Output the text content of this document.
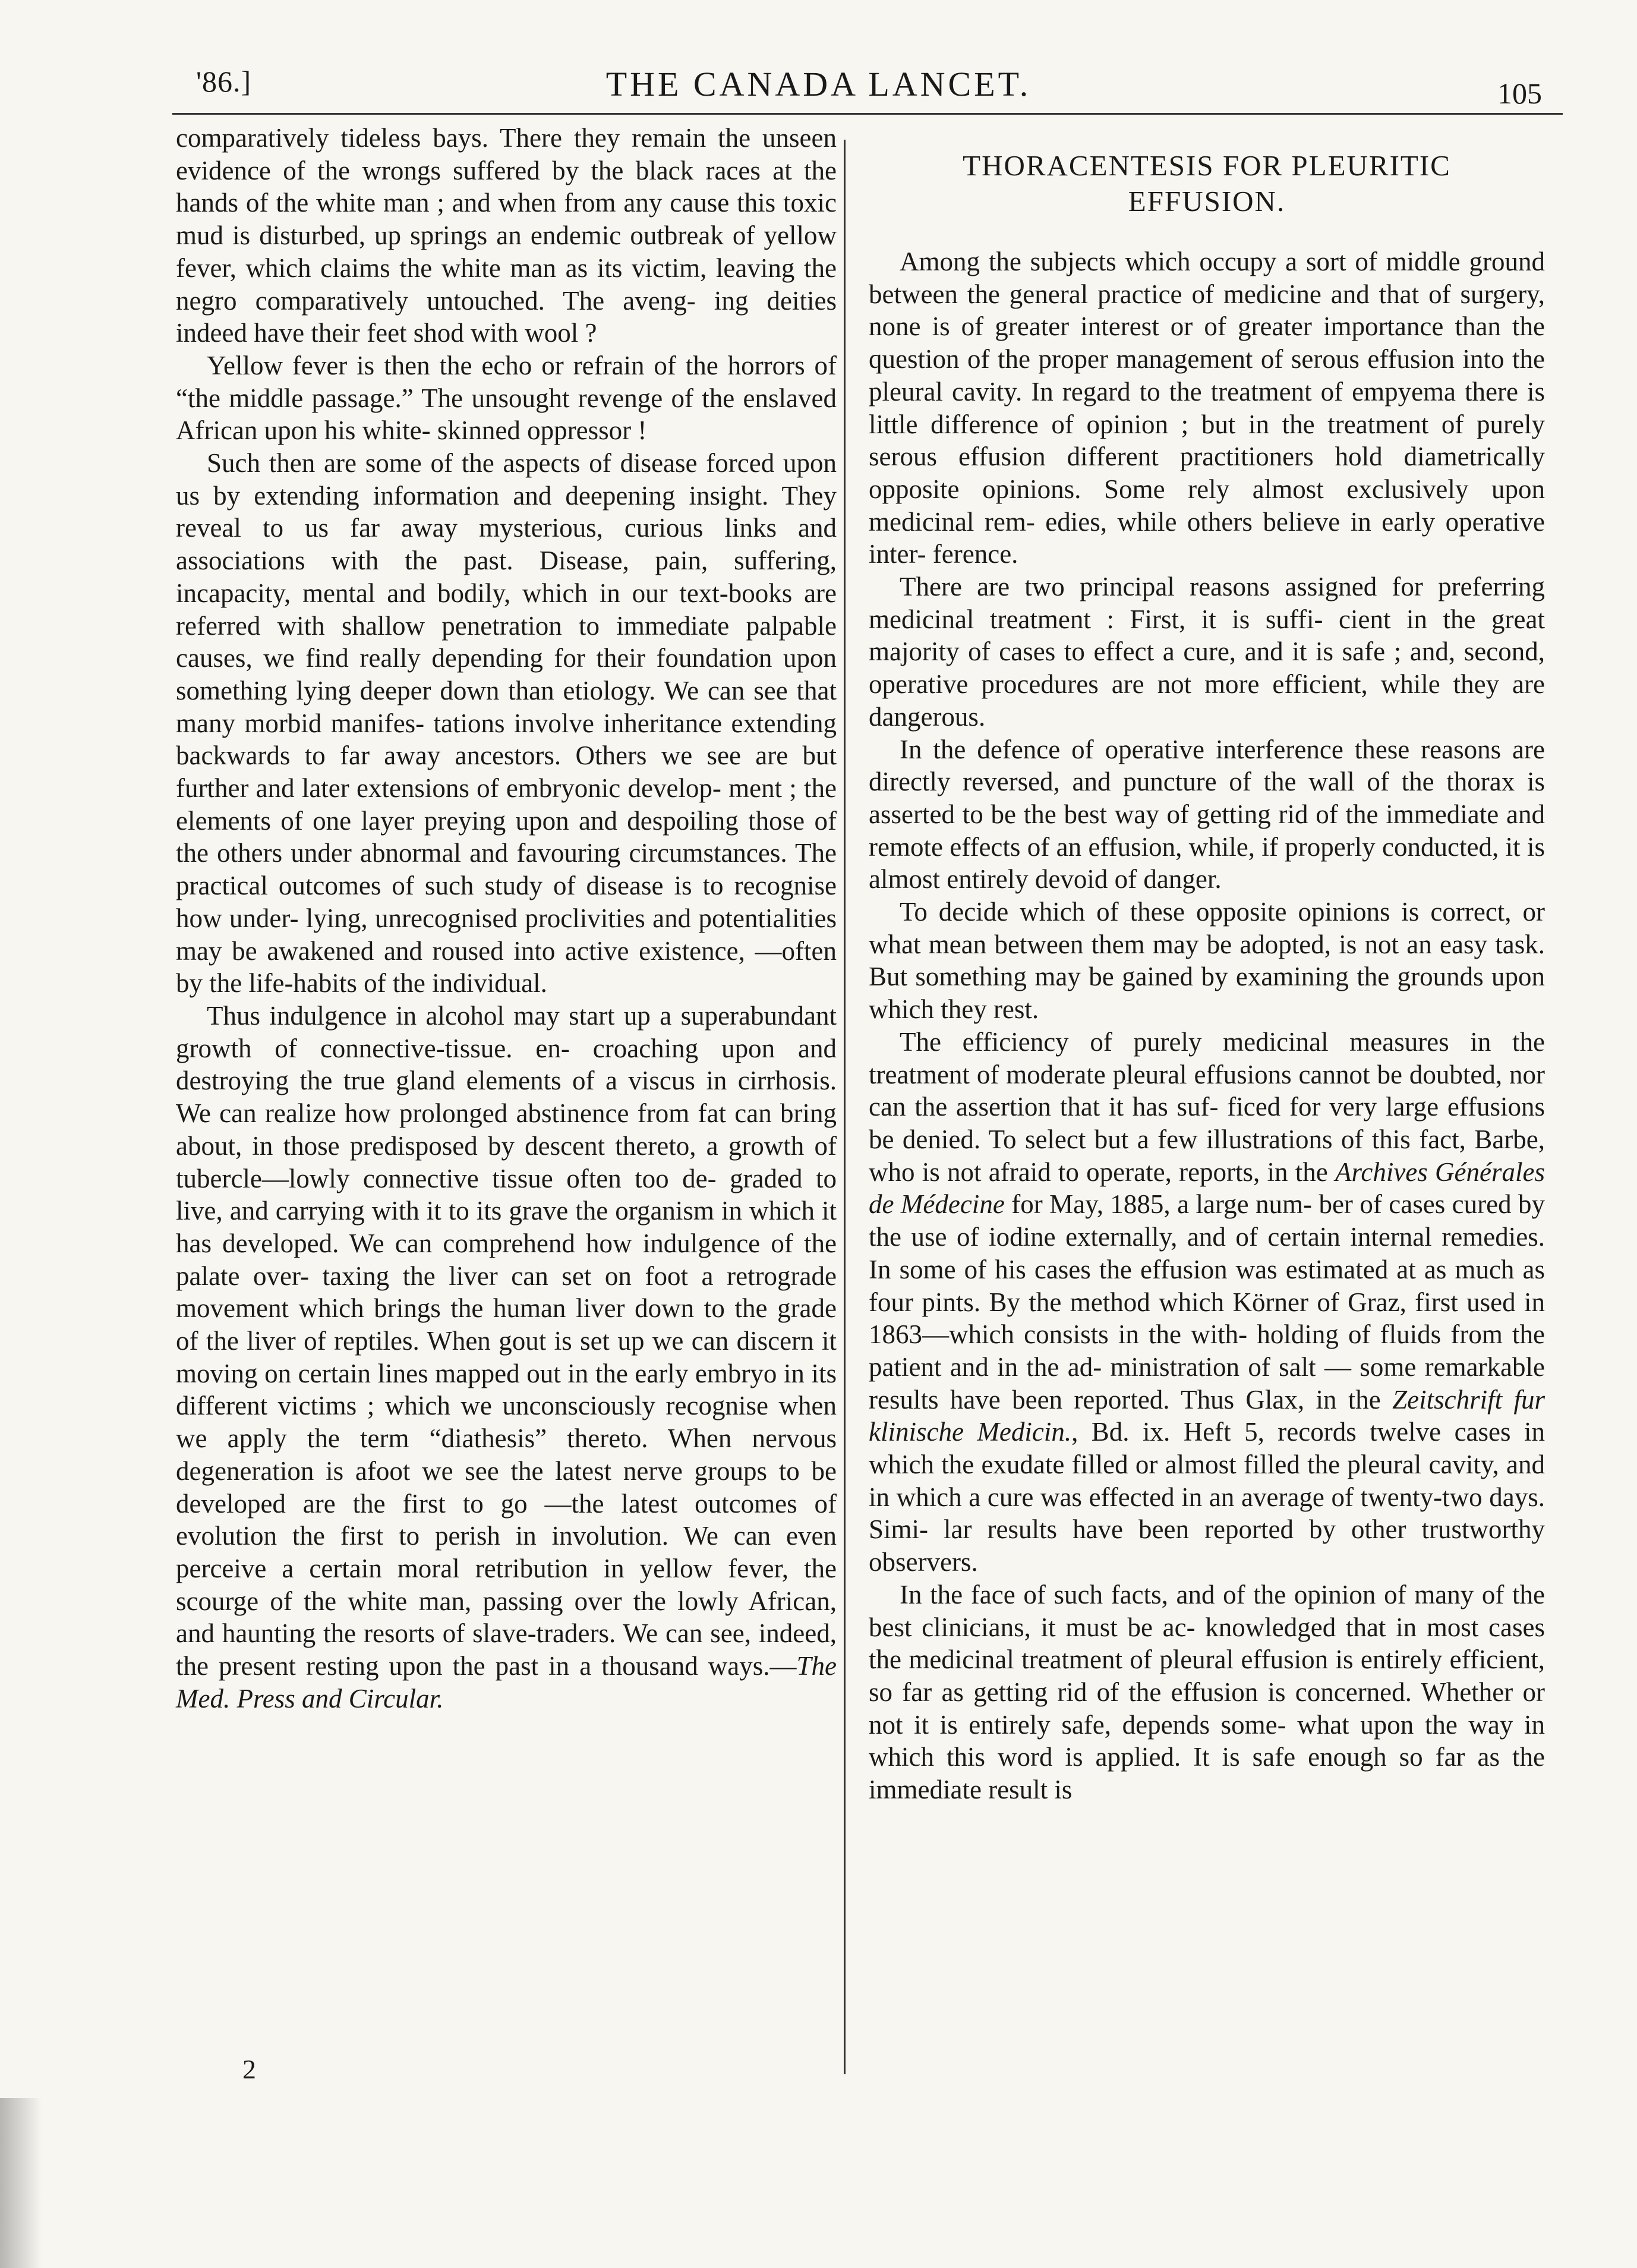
'86.]	THE CANADA LANCET.	105

comparatively tideless bays. There they remain the unseen evidence of the wrongs suffered by the black races at the hands of the white man ; and when from any cause this toxic mud is disturbed, up springs an endemic outbreak of yellow fever, which claims the white man as its victim, leaving the negro comparatively untouched. The aveng- ing deities indeed have their feet shod with wool ?

Yellow fever is then the echo or refrain of the horrors of “the middle passage.” The unsought revenge of the enslaved African upon his white- skinned oppressor !

Such then are some of the aspects of disease forced upon us by extending information and deepening insight. They reveal to us far away mysterious, curious links and associations with the past. Disease, pain, suffering, incapacity, mental and bodily, which in our text-books are referred with shallow penetration to immediate palpable causes, we find really depending for their foundation upon something lying deeper down than etiology. We can see that many morbid manifes- tations involve inheritance extending backwards to far away ancestors. Others we see are but further and later extensions of embryonic develop- ment ; the elements of one layer preying upon and despoiling those of the others under abnormal and favouring circumstances. The practical outcomes of such study of disease is to recognise how under- lying, unrecognised proclivities and potentialities may be awakened and roused into active existence, —often by the life-habits of the individual.

Thus indulgence in alcohol may start up a superabundant growth of connective-tissue. en- croaching upon and destroying the true gland elements of a viscus in cirrhosis. We can realize how prolonged abstinence from fat can bring about, in those predisposed by descent thereto, a growth of tubercle—lowly connective tissue often too de- graded to live, and carrying with it to its grave the organism in which it has developed. We can comprehend how indulgence of the palate over- taxing the liver can set on foot a retrograde movement which brings the human liver down to the grade of the liver of reptiles. When gout is set up we can discern it moving on certain lines mapped out in the early embryo in its different victims ; which we unconsciously recognise when we apply the term “diathesis” thereto. When nervous degeneration is afoot we see the latest nerve groups to be developed are the first to go —the latest outcomes of evolution the first to perish in involution. We can even perceive a certain moral retribution in yellow fever, the scourge of the white man, passing over the lowly African, and haunting the resorts of slave-traders. We can see, indeed, the present resting upon the past in a thousand ways.—The Med. Press and Circular.

2
THORACENTESIS FOR PLEURITIC
EFFUSION.

Among the subjects which occupy a sort of middle ground between the general practice of medicine and that of surgery, none is of greater interest or of greater importance than the question of the proper management of serous effusion into the pleural cavity. In regard to the treatment of empyema there is little difference of opinion ; but in the treatment of purely serous effusion different practitioners hold diametrically opposite opinions. Some rely almost exclusively upon medicinal rem- edies, while others believe in early operative inter- ference.

There are two principal reasons assigned for preferring medicinal treatment : First, it is suffi- cient in the great majority of cases to effect a cure, and it is safe ; and, second, operative procedures are not more efficient, while they are dangerous.

In the defence of operative interference these reasons are directly reversed, and puncture of the wall of the thorax is asserted to be the best way of getting rid of the immediate and remote effects of an effusion, while, if properly conducted, it is almost entirely devoid of danger.

To decide which of these opposite opinions is correct, or what mean between them may be adopted, is not an easy task. But something may be gained by examining the grounds upon which they rest.

The efficiency of purely medicinal measures in the treatment of moderate pleural effusions cannot be doubted, nor can the assertion that it has suf- ficed for very large effusions be denied. To select but a few illustrations of this fact, Barbe, who is not afraid to operate, reports, in the Archives Générales de Médecine for May, 1885, a large num- ber of cases cured by the use of iodine externally, and of certain internal remedies. In some of his cases the effusion was estimated at as much as four pints. By the method which Körner of Graz, first used in 1863—which consists in the with- holding of fluids from the patient and in the ad- ministration of salt — some remarkable results have been reported. Thus Glax, in the Zeitschrift fur klinische Medicin., Bd. ix. Heft 5, records twelve cases in which the exudate filled or almost filled the pleural cavity, and in which a cure was effected in an average of twenty-two days. Simi- lar results have been reported by other trustworthy observers.

In the face of such facts, and of the opinion of many of the best clinicians, it must be ac- knowledged that in most cases the medicinal treatment of pleural effusion is entirely efficient, so far as getting rid of the effusion is concerned. Whether or not it is entirely safe, depends some- what upon the way in which this word is applied. It is safe enough so far as the immediate result is
